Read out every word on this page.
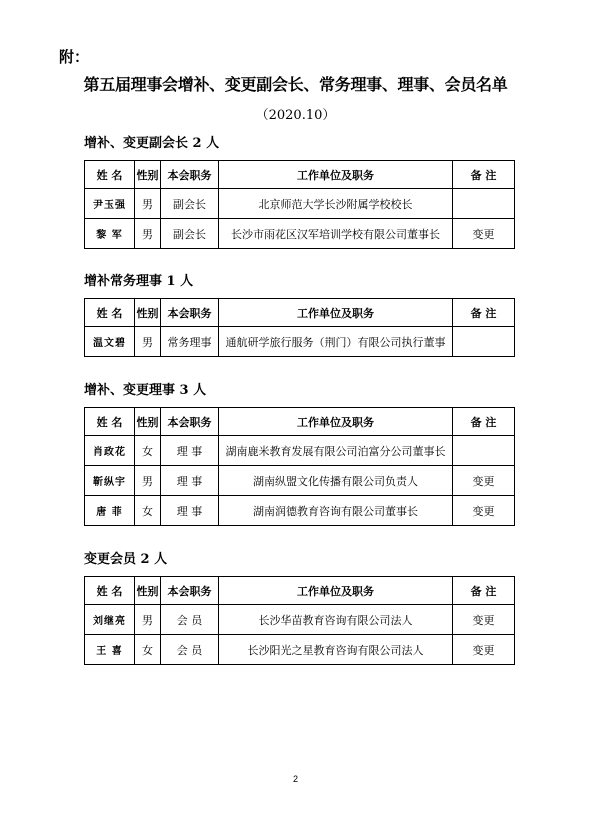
附：
第五届理事会增补、变更副会长、常务理事、理事、会员名单
（2020.10）
增补、变更副会长 2 人
姓 名	性别	本会职务	工作单位及职务	备 注
尹玉强	男	副会长	北京师范大学长沙附属学校校长	
黎 军	男	副会长	长沙市雨花区汉军培训学校有限公司董事长	变更
增补常务理事 1 人
姓 名	性别	本会职务	工作单位及职务	备 注
温文碧	男	常务理事	通航研学旅行服务（荆门）有限公司执行董事	
增补、变更理事 3 人
姓 名	性别	本会职务	工作单位及职务	备 注
肖政花	女	理 事	湖南鹿米教育发展有限公司泊富分公司董事长	
靳纵宇	男	理 事	湖南纵盟文化传播有限公司负责人	变更
唐 菲	女	理 事	湖南润德教育咨询有限公司董事长	变更
变更会员 2 人
姓 名	性别	本会职务	工作单位及职务	备 注
刘继亮	男	会 员	长沙华苗教育咨询有限公司法人	变更
王 喜	女	会 员	长沙阳光之星教育咨询有限公司法人	变更
2
